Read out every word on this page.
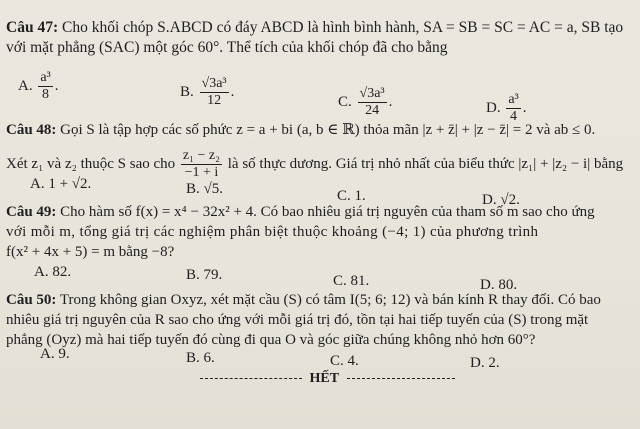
Câu 47: Cho khối chóp S.ABCD có đáy ABCD là hình bình hành, SA = SB = SC = AC = a, SB tạo
với mặt phẳng (SAC) một góc 60°. Thể tích của khối chóp đã cho bằng
A. $\frac{\text{a³}}{8}$ .	B. $\frac{\text{√3a³}}{12}$ .
C. $\frac{\text{√3a³}}{24}$ .	D. $\frac{\text{a³}}{4}$ .
Câu 48: Gọi S là tập hợp các số phức z = a + bi (a, b ∈ ℝ) thỏa mãn |z + z̄| + |z − z̄| = 2 và ab ≤ 0.
Xét z₁ và z₂ thuộc S sao cho $\frac{\text{z₁ − z₂}}{-1 + i}$ là số thực dương. Giá trị nhỏ nhất của biểu thức |z₁| + |z₂ − i| bằng
A. 1 + √2.	B. √5.	C. 1.	D. √2.
Câu 49: Cho hàm số f(x) = x⁴ − 32x² + 4. Có bao nhiêu giá trị nguyên của tham số m sao cho ứng
với mỗi m, tổng giá trị các nghiệm phân biệt thuộc khoảng (−4; 1) của phương trình
f(x² + 4x + 5) = m bằng −8?
A. 82.	B. 79.	C. 81.	D. 80.
Câu 50: Trong không gian Oxyz, xét mặt cầu (S) có tâm I(5; 6; 12) và bán kính R thay đổi. Có bao
nhiêu giá trị nguyên của R sao cho ứng với mỗi giá trị đó, tồn tại hai tiếp tuyến của (S) trong mặt
phẳng (Oyz) mà hai tiếp tuyến đó cùng đi qua O và góc giữa chúng không nhỏ hơn 60°?
A. 9.	B. 6.	C. 4.	D. 2.
HẾT
